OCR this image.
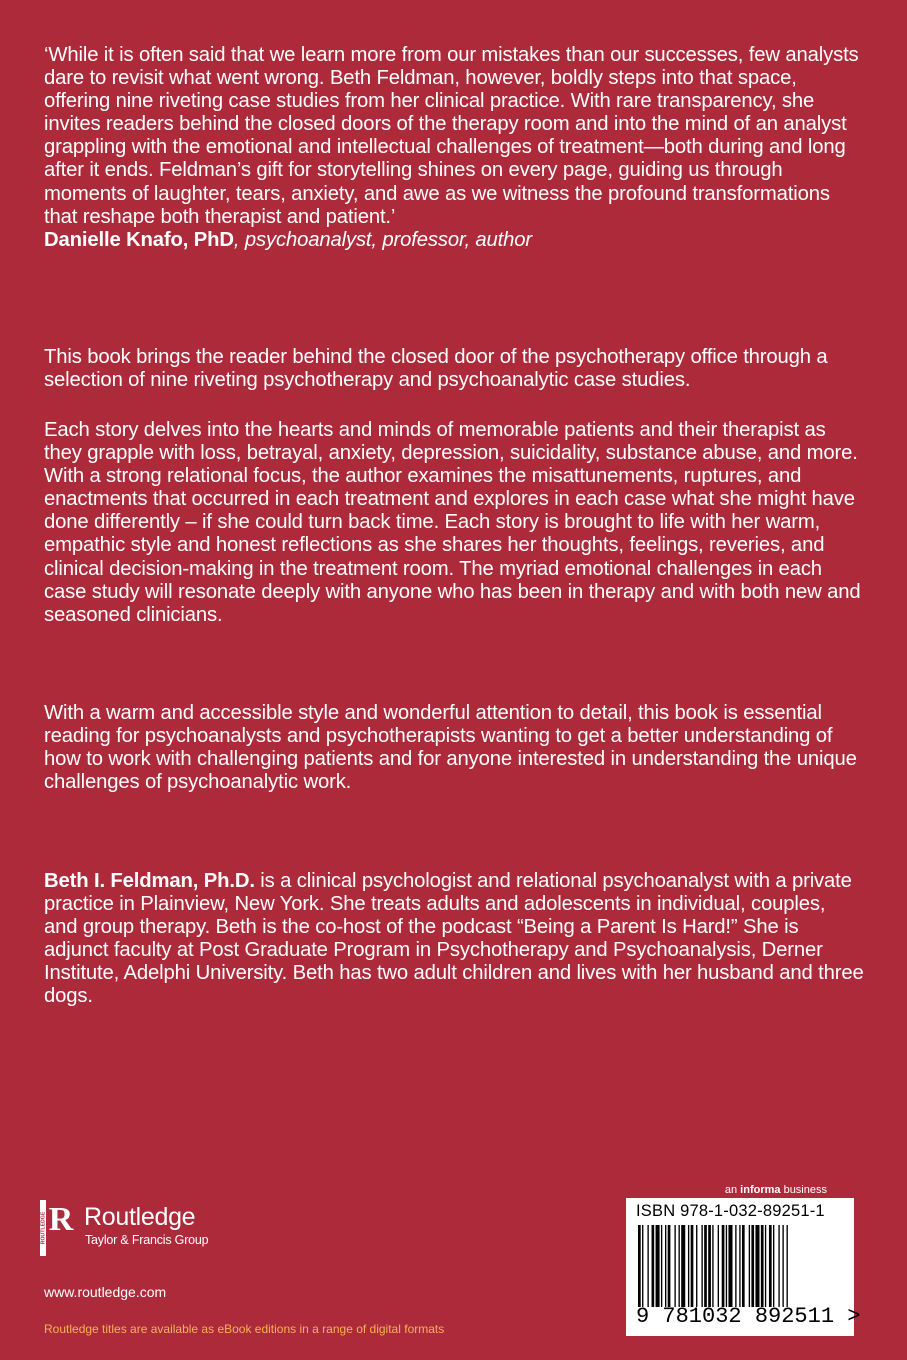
‘While it is often said that we learn more from our mistakes than our successes, few analysts dare to revisit what went wrong. Beth Feldman, however, boldly steps into that space, offering nine riveting case studies from her clinical practice. With rare transparency, she invites readers behind the closed doors of the therapy room and into the mind of an analyst grappling with the emotional and intellectual challenges of treatment—both during and long after it ends. Feldman’s gift for storytelling shines on every page, guiding us through moments of laughter, tears, anxiety, and awe as we witness the profound transformations that reshape both therapist and patient.’

Danielle Knafo, PhD, psychoanalyst, professor, author

This book brings the reader behind the closed door of the psychotherapy office through a selection of nine riveting psychotherapy and psychoanalytic case studies.

Each story delves into the hearts and minds of memorable patients and their therapist as they grapple with loss, betrayal, anxiety, depression, suicidality, substance abuse, and more. With a strong relational focus, the author examines the misattunements, ruptures, and enactments that occurred in each treatment and explores in each case what she might have done differently – if she could turn back time. Each story is brought to life with her warm, empathic style and honest reflections as she shares her thoughts, feelings, reveries, and clinical decision-making in the treatment room. The myriad emotional challenges in each case study will resonate deeply with anyone who has been in therapy and with both new and seasoned clinicians.

With a warm and accessible style and wonderful attention to detail, this book is essential reading for psychoanalysts and psychotherapists wanting to get a better understanding of how to work with challenging patients and for anyone interested in understanding the unique challenges of psychoanalytic work.

Beth I. Feldman, Ph.D. is a clinical psychologist and relational psychoanalyst with a private practice in Plainview, New York. She treats adults and adolescents in individual, couples, and group therapy. Beth is the co-host of the podcast “Being a Parent Is Hard!” She is adjunct faculty at Post Graduate Program in Psychotherapy and Psychoanalysis, Derner Institute, Adelphi University. Beth has two adult children and lives with her husband and three dogs.

ROUTLEDGE R Routledge
Taylor & Francis Group
www.routledge.com
Routledge titles are available as eBook editions in a range of digital formats
an informa business
ISBN 978-1-032-89251-1
9 781032 892511 >
